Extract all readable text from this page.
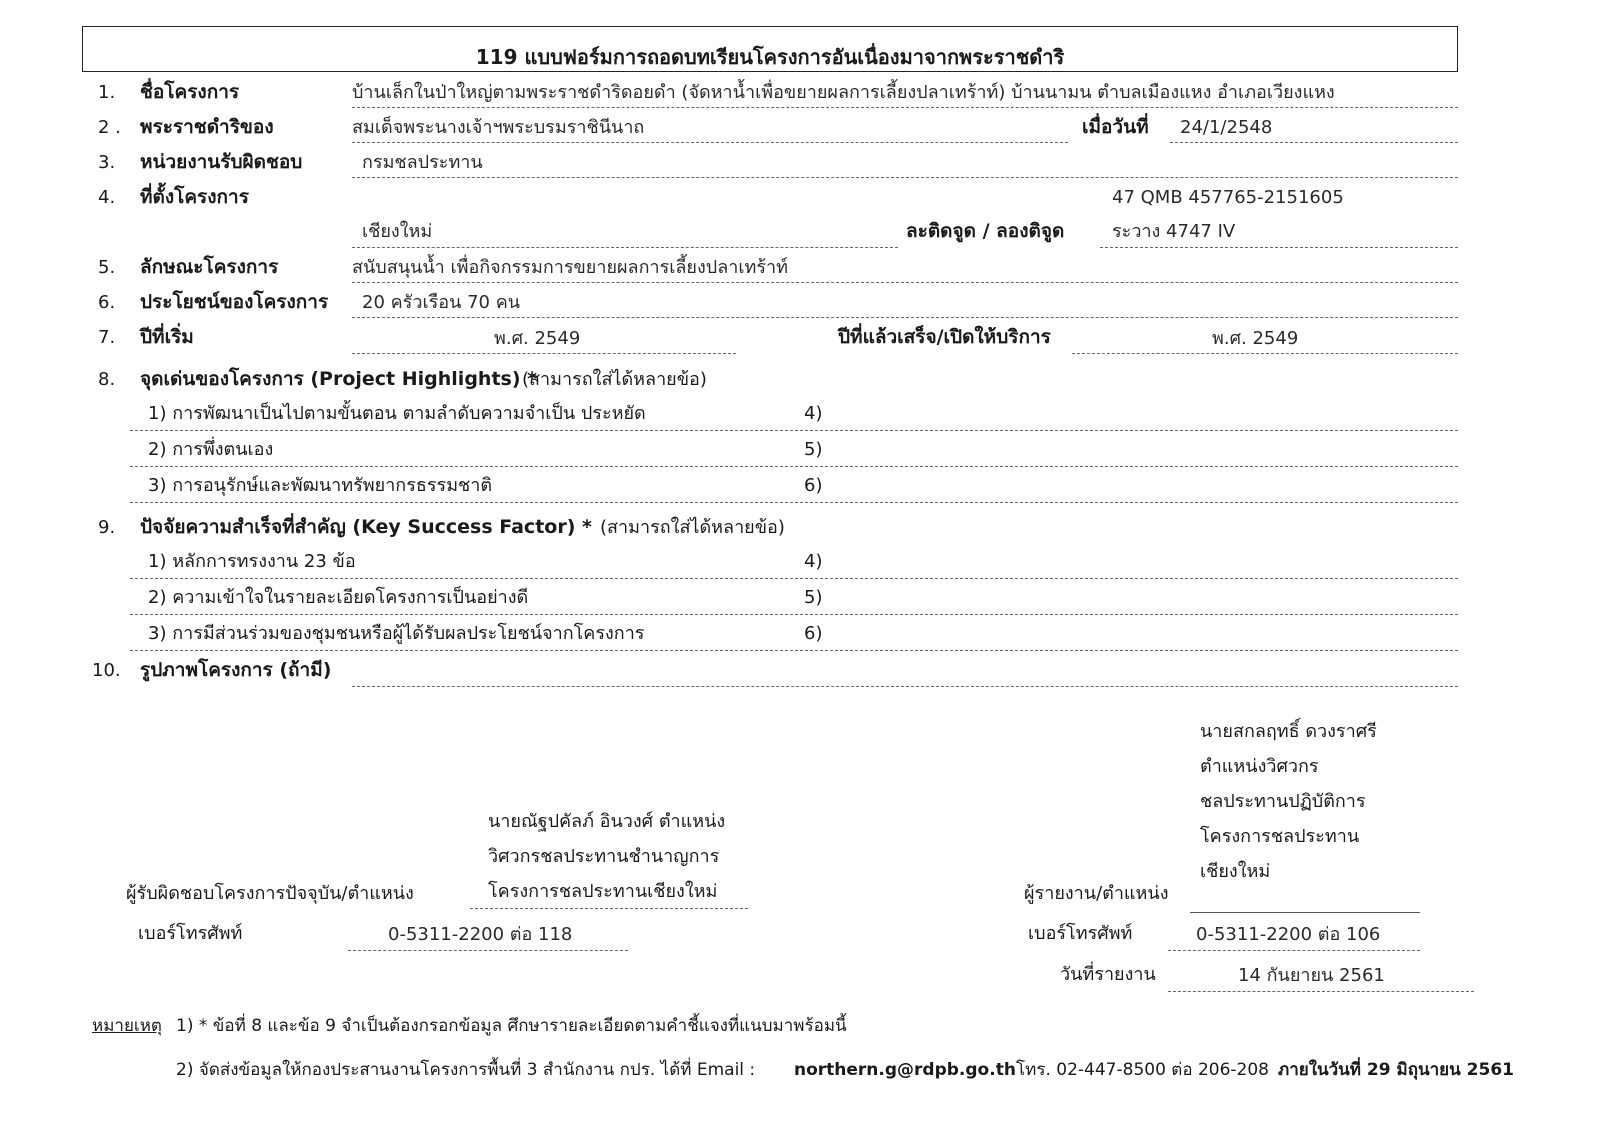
119 แบบฟอร์มการถอดบทเรียนโครงการอันเนื่องมาจากพระราชดำริ
1. ชื่อโครงการ	บ้านเล็กในป่าใหญ่ตามพระราชดำริดอยดำ (จัดหาน้ำเพื่อขยายผลการเลี้ยงปลาเทร้าท์) บ้านนามน ตำบลเมืองแหง อำเภอเวียงแหง
2 . พระราชดำริของ	สมเด็จพระนางเจ้าฯพระบรมราชินีนาถ	เมื่อวันที่ 24/1/2548
3. หน่วยงานรับผิดชอบ	กรมชลประทาน
4. ที่ตั้งโครงการ	47 QMB 457765-2151605
เชียงใหม่	ละติดจูด / ลองติจูด	ระวาง 4747 IV
5. ลักษณะโครงการ	สนับสนุนน้ำ เพื่อกิจกรรมการขยายผลการเลี้ยงปลาเทร้าท์
6. ประโยชน์ของโครงการ 20 ครัวเรือน 70 คน
7. ปีที่เริ่ม	พ.ศ. 2549	ปีที่แล้วเสร็จ/เปิดให้บริการ	พ.ศ. 2549
8. จุดเด่นของโครงการ (Project Highlights) *
(สามารถใส่ได้หลายข้อ)
1) การพัฒนาเป็นไปตามขั้นตอน ตามลำดับความจำเป็น ประหยัด	4)
2) การพึ่งตนเอง	5)
3) การอนุรักษ์และพัฒนาทรัพยากรธรรมชาติ	6)
9. ปัจจัยความสำเร็จที่สำคัญ (Key Success Factor) * (สามารถใส่ได้หลายข้อ)
1) หลักการทรงงาน 23 ข้อ	4)
2) ความเข้าใจในรายละเอียดโครงการเป็นอย่างดี	5)
3) การมีส่วนร่วมของชุมชนหรือผู้ได้รับผลประโยชน์จากโครงการ	6)
10. รูปภาพโครงการ (ถ้ามี)
นายณัฐปคัลภ์ อินวงศ์ ตำแหน่ง
วิศวกรชลประทานชำนาญการ
โครงการชลประทานเชียงใหม่
ผู้รับผิดชอบโครงการปัจจุบัน/ตำแหน่ง
เบอร์โทรศัพท์	0-5311-2200 ต่อ 118
นายสกลฤทธิ์ ดวงราศรี
ตำแหน่งวิศวกร
ชลประทานปฏิบัติการ
โครงการชลประทาน
เชียงใหม่
ผู้รายงาน/ตำแหน่ง
เบอร์โทรศัพท์	0-5311-2200 ต่อ 106
วันที่รายงาน	14 กันยายน 2561
หมายเหตุ 1) * ข้อที่ 8 และข้อ 9 จำเป็นต้องกรอกข้อมูล ศึกษารายละเอียดตามคำชี้แจงที่แนบมาพร้อมนี้
2) จัดส่งข้อมูลให้กองประสานงานโครงการพื้นที่ 3 สำนักงาน กปร. ได้ที่ Email : northern.g@rdpb.go.th โทร. 02-447-8500 ต่อ 206-208 ภายในวันที่ 29 มิถุนายน 2561
